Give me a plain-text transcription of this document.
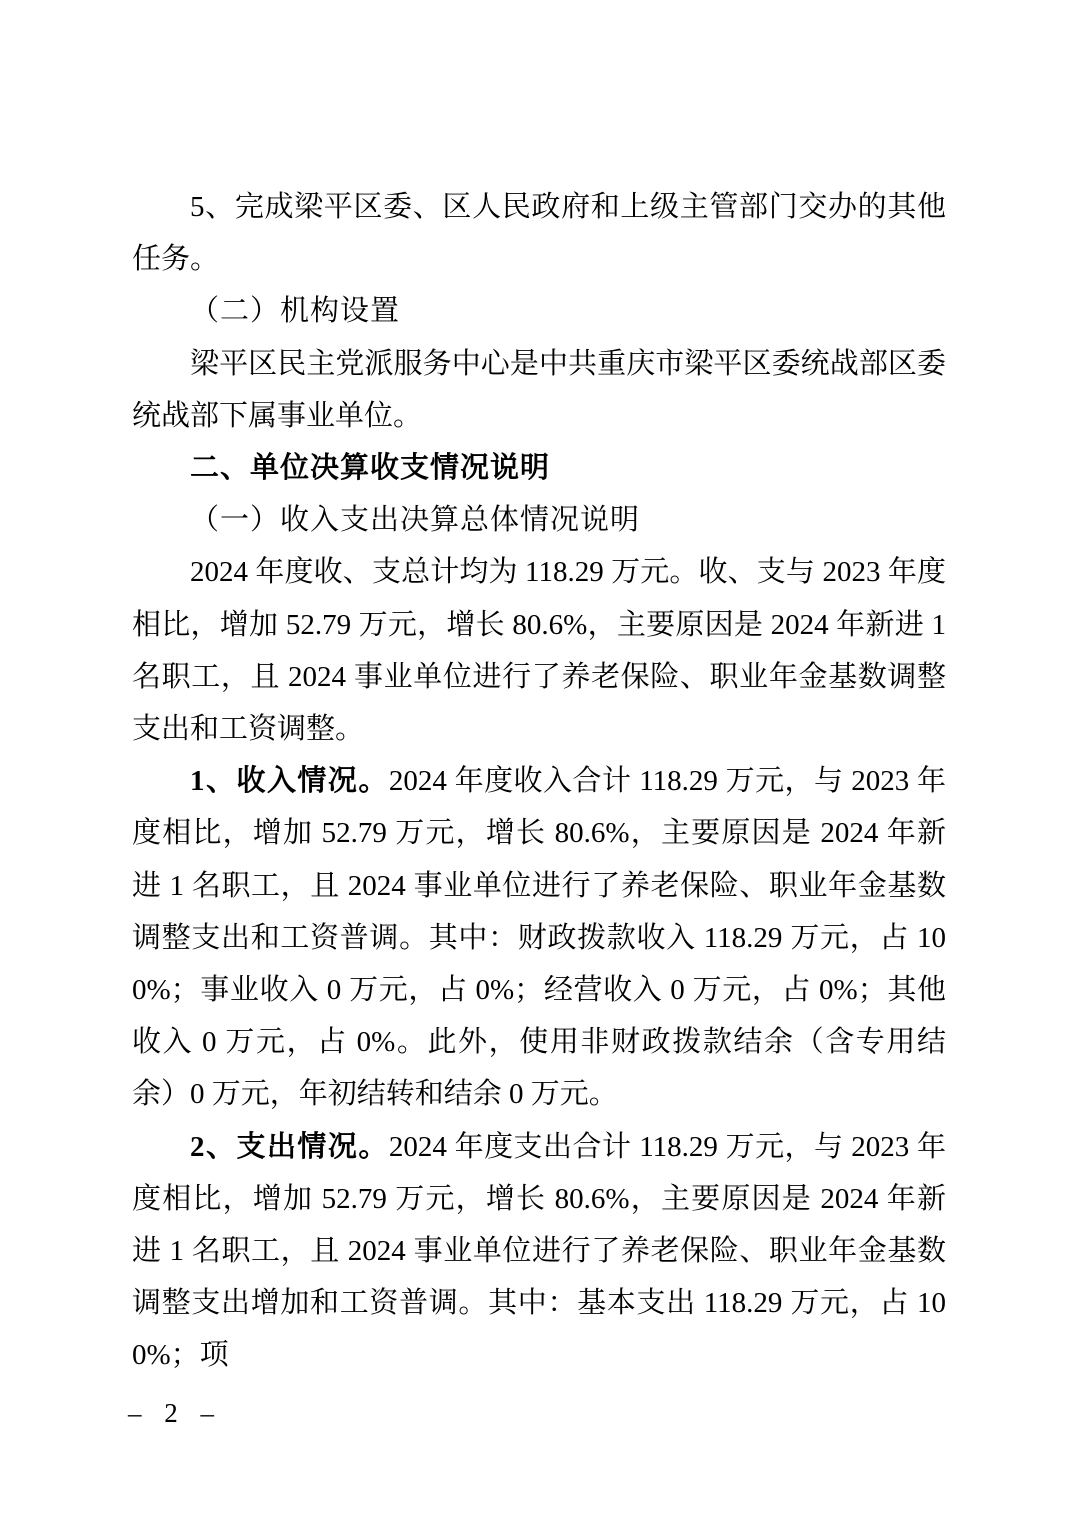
5、完成梁平区委、区人民政府和上级主管部门交办的其他任务。

（二）机构设置

梁平区民主党派服务中心是中共重庆市梁平区委统战部区委统战部下属事业单位。

二、单位决算收支情况说明

（一）收入支出决算总体情况说明

2024 年度收、支总计均为 118.29 万元。收、支与 2023 年度相比，增加 52.79 万元，增长 80.6%，主要原因是 2024 年新进 1 名职工，且 2024 事业单位进行了养老保险、职业年金基数调整支出和工资调整。

1、收入情况。2024 年度收入合计 118.29 万元，与 2023 年度相比，增加 52.79 万元，增长 80.6%，主要原因是 2024 年新进 1 名职工，且 2024 事业单位进行了养老保险、职业年金基数调整支出和工资普调。其中：财政拨款收入 118.29 万元，占 100%；事业收入 0 万元，占 0%；经营收入 0 万元，占 0%；其他收入 0 万元，占 0%。此外，使用非财政拨款结余（含专用结余）0 万元，年初结转和结余 0 万元。

2、支出情况。2024 年度支出合计 118.29 万元，与 2023 年度相比，增加 52.79 万元，增长 80.6%，主要原因是 2024 年新进 1 名职工，且 2024 事业单位进行了养老保险、职业年金基数调整支出增加和工资普调。其中：基本支出 118.29 万元，占 100%；项

– 2 –
